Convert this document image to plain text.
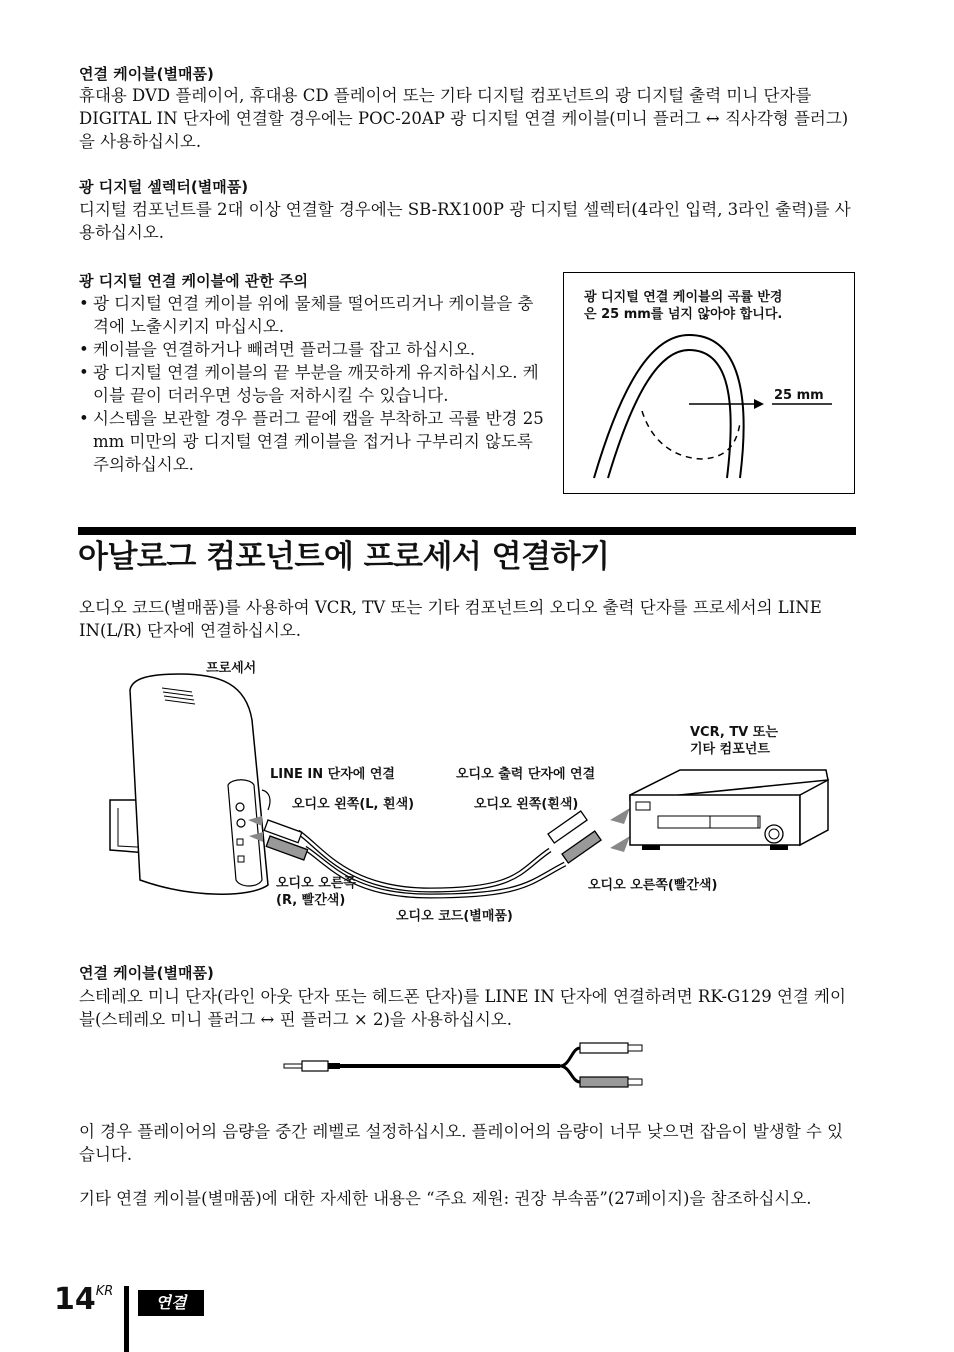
연결 케이블(별매품)
휴대용 DVD 플레이어, 휴대용 CD 플레이어 또는 기타 디지털 컴포넌트의 광 디지털 출력 미니 단자를 DIGITAL IN 단자에 연결할 경우에는 POC-20AP 광 디지털 연결 케이블(미니 플러그 ↔ 직사각형 플러그)을 사용하십시오.
광 디지털 셀렉터(별매품)
디지털 컴포넌트를 2대 이상 연결할 경우에는 SB-RX100P 광 디지털 셀렉터(4라인 입력, 3라인 출력)를 사용하십시오.
광 디지털 연결 케이블에 관한 주의
• 광 디지털 연결 케이블 위에 물체를 떨어뜨리거나 케이블을 충격에 노출시키지 마십시오.
• 케이블을 연결하거나 빼려면 플러그를 잡고 하십시오.
• 광 디지털 연결 케이블의 끝 부분을 깨끗하게 유지하십시오. 케이블 끝이 더러우면 성능을 저하시킬 수 있습니다.
• 시스템을 보관할 경우 플러그 끝에 캡을 부착하고 곡률 반경 25 mm 미만의 광 디지털 연결 케이블을 접거나 구부리지 않도록 주의하십시오.
광 디지털 연결 케이블의 곡률 반경
은 25 mm를 넘지 않아야 합니다.
25 mm
아날로그 컴포넌트에 프로세서 연결하기
오디오 코드(별매품)를 사용하여 VCR, TV 또는 기타 컴포넌트의 오디오 출력 단자를 프로세서의 LINE IN(L/R) 단자에 연결하십시오.
프로세서
VCR, TV 또는
기타 컴포넌트
LINE IN 단자에 연결	오디오 출력 단자에 연결
오디오 왼쪽(L, 흰색)	오디오 왼쪽(흰색)
오디오 오른쪽
(R, 빨간색)
오디오 오른쪽(빨간색)
오디오 코드(별매품)
연결 케이블(별매품)
스테레오 미니 단자(라인 아웃 단자 또는 헤드폰 단자)를 LINE IN 단자에 연결하려면 RK-G129 연결 케이블(스테레오 미니 플러그 ↔ 핀 플러그 × 2)을 사용하십시오.
이 경우 플레이어의 음량을 중간 레벨로 설정하십시오. 플레이어의 음량이 너무 낮으면 잡음이 발생할 수 있습니다.
기타 연결 케이블(별매품)에 대한 자세한 내용은 “주요 제원: 권장 부속품”(27페이지)을 참조하십시오.
$14^{KR}$
연결
